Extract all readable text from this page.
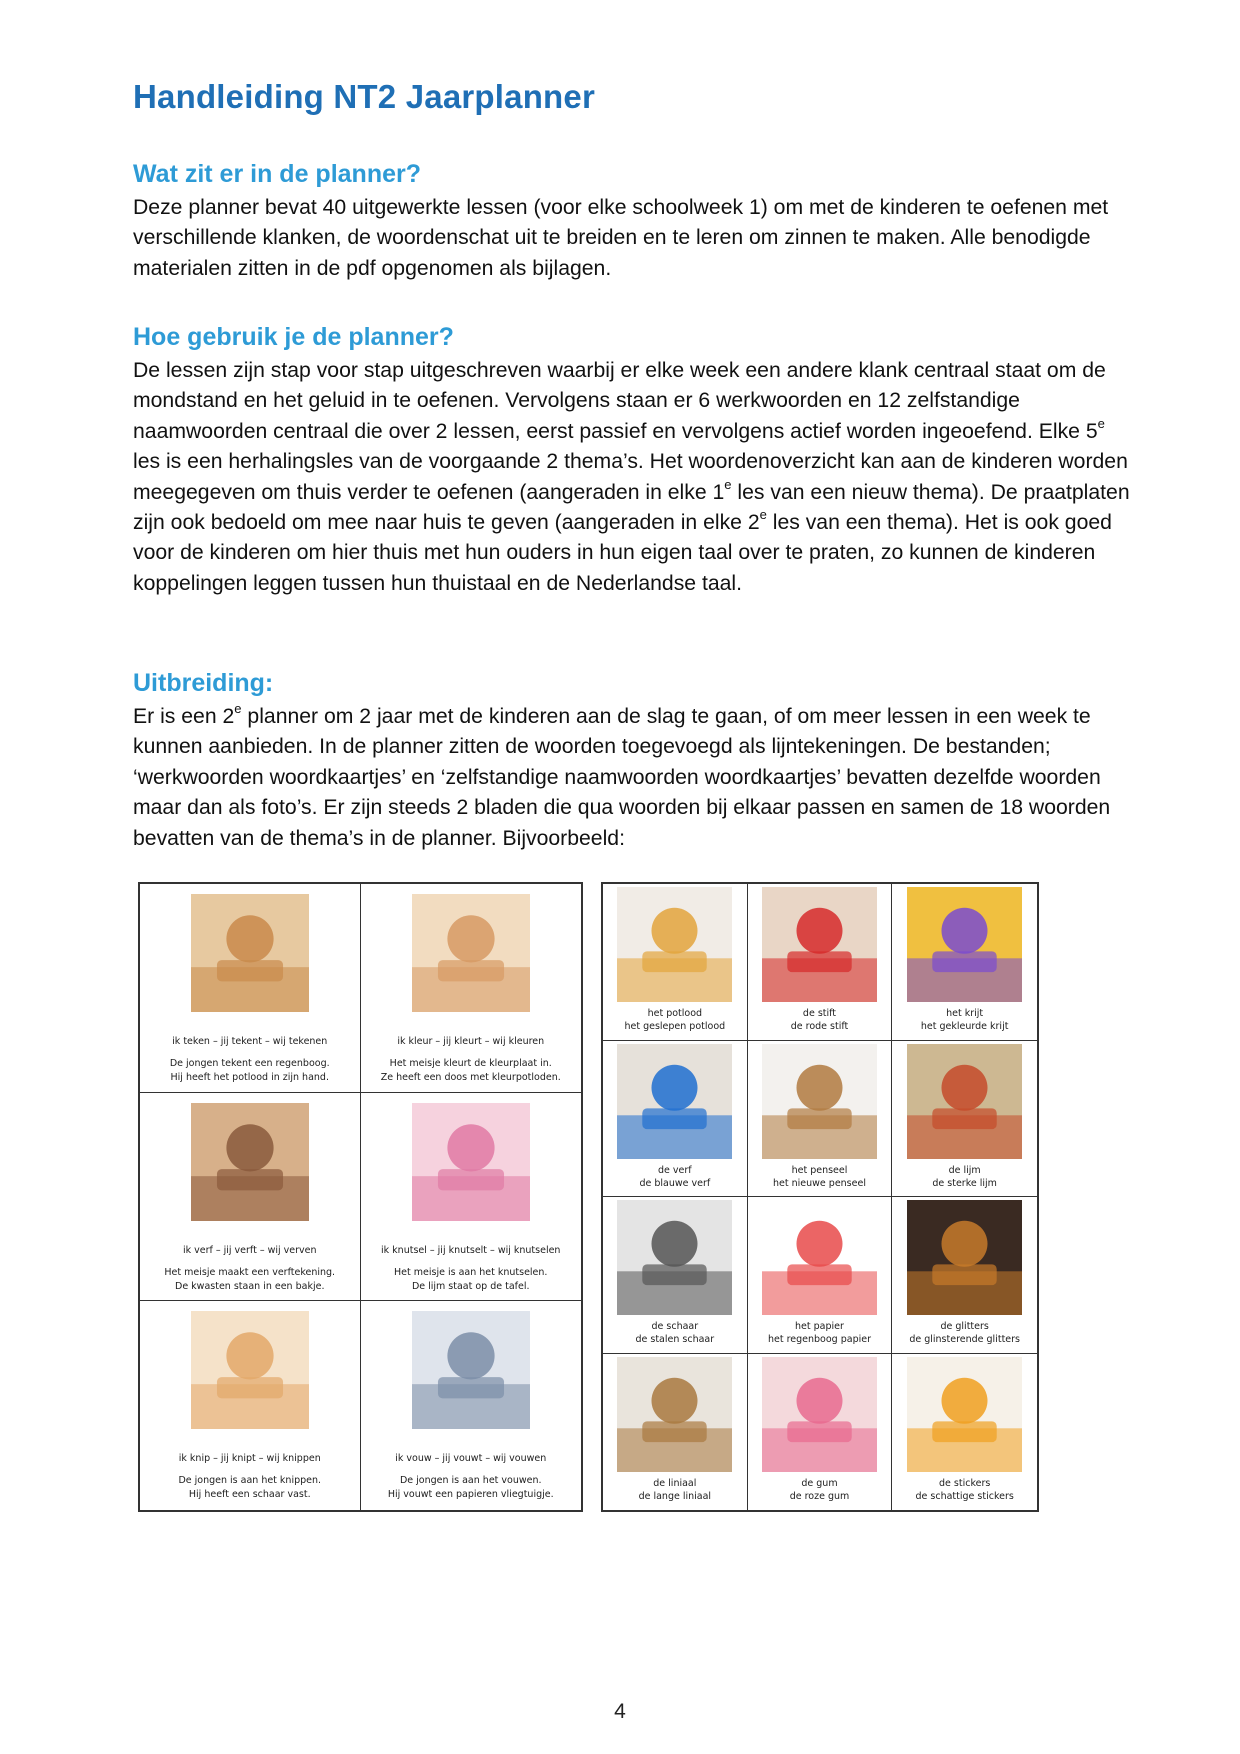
Handleiding NT2 Jaarplanner
Wat zit er in de planner?

Deze planner bevat 40 uitgewerkte lessen (voor elke schoolweek 1) om met de kinderen te oefenen met verschillende klanken, de woordenschat uit te breiden en te leren om zinnen te maken. Alle benodigde materialen zitten in de pdf opgenomen als bijlagen.

Hoe gebruik je de planner?

De lessen zijn stap voor stap uitgeschreven waarbij er elke week een andere klank centraal staat om de mondstand en het geluid in te oefenen. Vervolgens staan er 6 werkwoorden en 12 zelfstandige naamwoorden centraal die over 2 lessen, eerst passief en vervolgens actief worden ingeoefend. Elke 5e les is een herhalingsles van de voorgaande 2 thema’s. Het woordenoverzicht kan aan de kinderen worden meegegeven om thuis verder te oefenen (aangeraden in elke 1e les van een nieuw thema). De praatplaten zijn ook bedoeld om mee naar huis te geven (aangeraden in elke 2e les van een thema). Het is ook goed voor de kinderen om hier thuis met hun ouders in hun eigen taal over te praten, zo kunnen de kinderen koppelingen leggen tussen hun thuistaal en de Nederlandse taal.

Uitbreiding:

Er is een 2e planner om 2 jaar met de kinderen aan de slag te gaan, of om meer lessen in een week te kunnen aanbieden. In de planner zitten de woorden toegevoegd als lijntekeningen. De bestanden; ‘werkwoorden woordkaartjes’ en ‘zelfstandige naamwoorden woordkaartjes’ bevatten dezelfde woorden maar dan als foto’s. Er zijn steeds 2 bladen die qua woorden bij elkaar passen en samen de 18 woorden bevatten van de thema’s in de planner. Bijvoorbeeld:

ik teken – jij tekent – wij tekenen
De jongen tekent een regenboog.
Hij heeft het potlood in zijn hand.
ik kleur – jij kleurt – wij kleuren
Het meisje kleurt de kleurplaat in.
Ze heeft een doos met kleurpotloden.
ik verf – jij verft – wij verven
Het meisje maakt een verftekening.
De kwasten staan in een bakje.
ik knutsel – jij knutselt – wij knutselen
Het meisje is aan het knutselen.
De lijm staat op de tafel.
ik knip – jij knipt – wij knippen
De jongen is aan het knippen.
Hij heeft een schaar vast.
ik vouw – jij vouwt – wij vouwen
De jongen is aan het vouwen.
Hij vouwt een papieren vliegtuigje.
het potlood
het geslepen potlood
de stift
de rode stift
het krijt
het gekleurde krijt
de verf
de blauwe verf
het penseel
het nieuwe penseel
de lijm
de sterke lijm
de schaar
de stalen schaar
het papier
het regenboog papier
de glitters
de glinsterende glitters
de liniaal
de lange liniaal
de gum
de roze gum
de stickers
de schattige stickers
4
